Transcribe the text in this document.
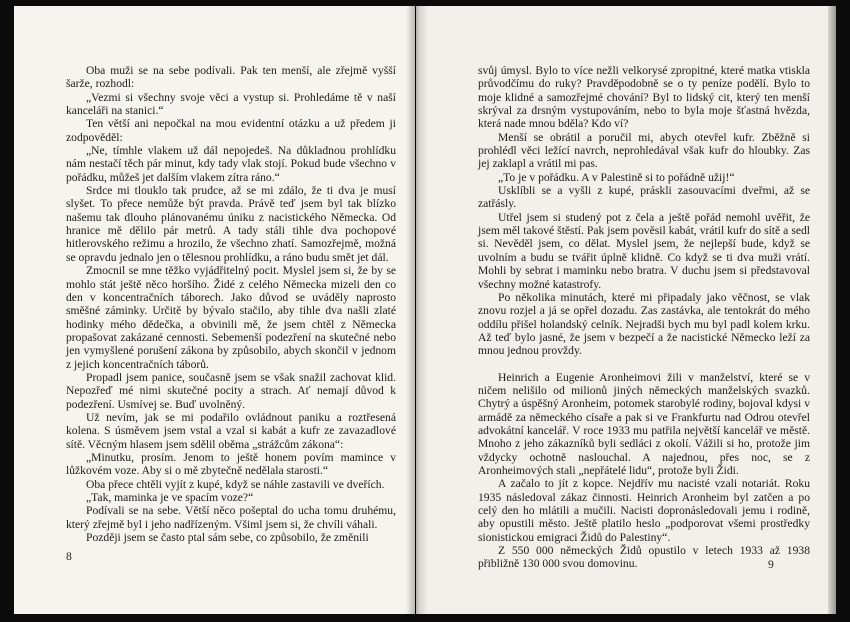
Oba muži se na sebe podívali. Pak ten menší, ale zřejmě vyšší šarže, rozhodl:

„Vezmi si všechny svoje věci a vystup si. Prohledáme tě v naší kanceláři na stanici.“

Ten větší ani nepočkal na mou evidentní otázku a už předem ji zodpověděl:

„Ne, tímhle vlakem už dál nepojedeš. Na důkladnou prohlídku nám nestačí těch pár minut, kdy tady vlak stojí. Pokud bude všechno v pořádku, můžeš jet dalším vlakem zítra ráno.“

Srdce mi tlouklo tak prudce, až se mi zdálo, že ti dva je musí slyšet. To přece nemůže být pravda. Právě teď jsem byl tak blízko našemu tak dlouho plánovanému úniku z nacistického Německa. Od hranice mě dělilo pár metrů. A tady stáli tihle dva pochopové hitlerovského režimu a hrozilo, že všechno zhatí. Samozřejmě, možná se opravdu jednalo jen o tělesnou prohlídku, a ráno budu smět jet dál.

Zmocnil se mne těžko vyjádřitelný pocit. Myslel jsem si, že by se mohlo stát ještě něco horšího. Židé z celého Německa mizeli den co den v koncentračních táborech. Jako důvod se uváděly naprosto směšné záminky. Určitě by bývalo stačilo, aby tihle dva našli zlaté hodinky mého dědečka, a obvinili mě, že jsem chtěl z Německa propašovat zakázané cennosti. Sebemenší podezření na skutečné nebo jen vymyšlené porušení zákona by způsobilo, abych skončil v jednom z jejich koncentračních táborů.

Propadl jsem panice, současně jsem se však snažil zachovat klid. Nepozřeď mé nimi skutečné pocity a strach. Ať nemají důvod k podezření. Usmívej se. Buď uvolněný.

Už nevím, jak se mi podařilo ovládnout paniku a roztřesená kolena. S úsměvem jsem vstal a vzal si kabát a kufr ze zavazadlové sítě. Věcným hlasem jsem sdělil oběma „strážcům zákona“:

„Minutku, prosím. Jenom to ještě honem povím mamince v lůžkovém voze. Aby si o mě zbytečně nedělala starosti.“

Oba přece chtěli vyjít z kupé, když se náhle zastavili ve dveřích.

„Tak, maminka je ve spacím voze?“

Podívali se na sebe. Větší něco pošeptal do ucha tomu druhému, který zřejmě byl i jeho nadřízeným. Všiml jsem si, že chvíli váhali.

Později jsem se často ptal sám sebe, co způsobilo, že změnili

8

svůj úmysl. Bylo to více nežli velkorysé zpropitné, které matka vtiskla průvodčímu do ruky? Pravděpodobně se o ty peníze podělí. Bylo to moje klidné a samozřejmé chování? Byl to lidský cit, který ten menší skrýval za drsným vystupováním, nebo to byla moje šťastná hvězda, která nade mnou bděla? Kdo ví?

Menší se obrátil a poručil mi, abych otevřel kufr. Zběžně si prohlédl věci ležící navrch, neprohledával však kufr do hloubky. Zas jej zaklapl a vrátil mi pas.

„To je v pořádku. A v Palestině si to pořádně užij!“

Usklíbli se a vyšli z kupé, práskli zasouvacími dveřmi, až se zatřásly.

Utřel jsem si studený pot z čela a ještě pořád nemohl uvěřit, že jsem měl takové štěstí. Pak jsem pověsil kabát, vrátil kufr do sítě a sedl si. Nevěděl jsem, co dělat. Myslel jsem, že nejlepší bude, když se uvolním a budu se tvářit úplně klidně. Co když se ti dva muži vrátí. Mohli by sebrat i maminku nebo bratra. V duchu jsem si představoval všechny možné katastrofy.

Po několika minutách, které mi připadaly jako věčnost, se vlak znovu rozjel a já se opřel dozadu. Zas zastávka, ale tentokrát do mého oddílu přišel holandský celník. Nejradši bych mu byl padl kolem krku. Až teď bylo jasné, že jsem v bezpečí a že nacistické Německo leží za mnou jednou provždy.

Heinrich a Eugenie Aronheimovi žili v manželství, které se v ničem nelišilo od milionů jiných německých manželských svazků. Chytrý a úspěšný Aronheim, potomek starobylé rodiny, bojoval kdysi v armádě za německého císaře a pak si ve Frankfurtu nad Odrou otevřel advokátní kancelář. V roce 1933 mu patřila největší kancelář ve městě. Mnoho z jeho zákazníků byli sedláci z okolí. Vážili si ho, protože jim vždycky ochotně naslouchal. A najednou, přes noc, se z Aronheimových stali „nepřátelé lidu“, protože byli Židi.

A začalo to jít z kopce. Nejdřív mu nacisté vzali notariát. Roku 1935 následoval zákaz činnosti. Heinrich Aronheim byl zatčen a po celý den ho mlátili a mučili. Nacisti dopronásledovali jemu i rodině, aby opustili město. Ještě platilo heslo „podporovat všemi prostředky sionistickou emigraci Židů do Palestiny“.

Z 550 000 německých Židů opustilo v letech 1933 až 1938 přibližně 130 000 svou domovinu.	9
